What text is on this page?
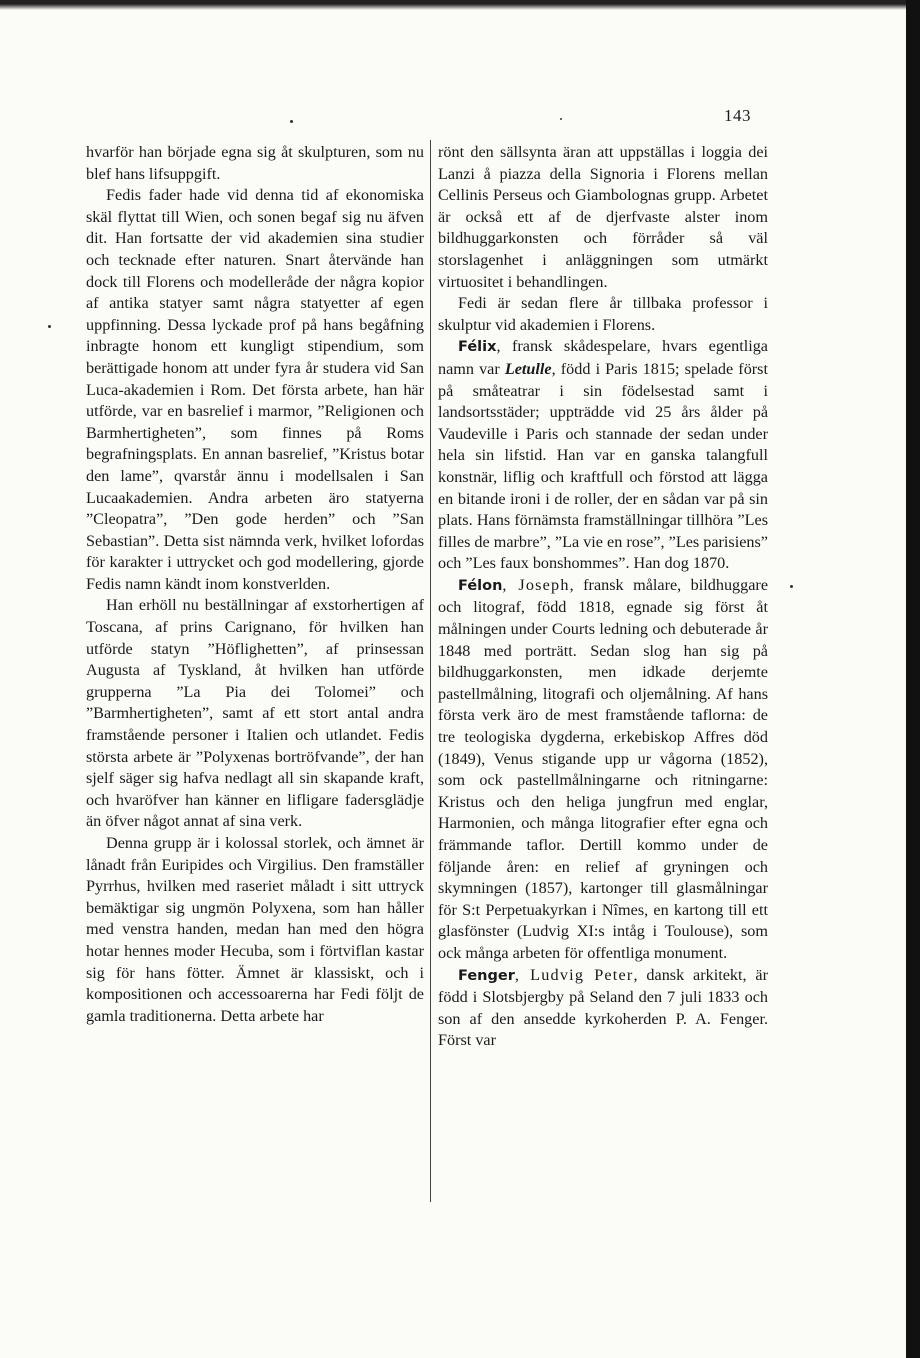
143

hvarför han började egna sig åt skulpturen, som nu blef hans lifsuppgift.

Fedis fader hade vid denna tid af ekonomiska skäl flyttat till Wien, och sonen begaf sig nu äfven dit. Han fortsatte der vid akademien sina studier och tecknade efter naturen. Snart återvände han dock till Florens och modelleråde der några kopior af antika statyer samt några statyetter af egen uppfinning. Dessa lyckade prof på hans begåfning inbragte honom ett kungligt stipendium, som berättigade honom att under fyra år studera vid San Luca-akademien i Rom. Det första arbete, han här utförde, var en basrelief i marmor, ”Religionen och Barmhertigheten”, som finnes på Roms begrafningsplats. En annan basrelief, ”Kristus botar den lame”, qvarstår ännu i modellsalen i San Lucaakademien. Andra arbeten äro statyerna ”Cleopatra”, ”Den gode herden” och ”San Sebastian”. Detta sist nämnda verk, hvilket lofordas för karakter i uttrycket och god modellering, gjorde Fedis namn kändt inom konstverlden.

Han erhöll nu beställningar af exstorhertigen af Toscana, af prins Carignano, för hvilken han utförde statyn ”Höflighetten”, af prinsessan Augusta af Tyskland, åt hvilken han utförde grupperna ”La Pia dei Tolomei” och ”Barmhertigheten”, samt af ett stort antal andra framstående personer i Italien och utlandet. Fedis största arbete är ”Polyxenas bortröfvande”, der han sjelf säger sig hafva nedlagt all sin skapande kraft, och hvaröfver han känner en lifligare fadersglädje än öfver något annat af sina verk.

Denna grupp är i kolossal storlek, och ämnet är lånadt från Euripides och Virgilius. Den framställer Pyrrhus, hvilken med raseriet måladt i sitt uttryck bemäktigar sig ungmön Polyxena, som han håller med venstra handen, medan han med den högra hotar hennes moder Hecuba, som i förtviflan kastar sig för hans fötter. Ämnet är klassiskt, och i kompositionen och accessoarerna har Fedi följt de gamla traditionerna. Detta arbete har

rönt den sällsynta äran att uppställas i loggia dei Lanzi å piazza della Signoria i Florens mellan Cellinis Perseus och Giambolognas grupp. Arbetet är också ett af de djerfvaste alster inom bildhuggarkonsten och förråder så väl storslagenhet i anläggningen som utmärkt virtuositet i behandlingen.

Fedi är sedan flere år tillbaka professor i skulptur vid akademien i Florens.

Félix, fransk skådespelare, hvars egentliga namn var Letulle, född i Paris 1815; spelade först på småteatrar i sin födelsestad samt i landsortsstäder; uppträdde vid 25 års ålder på Vaudeville i Paris och stannade der sedan under hela sin lifstid. Han var en ganska talangfull konstnär, liflig och kraftfull och förstod att lägga en bitande ironi i de roller, der en sådan var på sin plats. Hans förnämsta framställningar tillhöra ”Les filles de marbre”, ”La vie en rose”, ”Les parisiens” och ”Les faux bonshommes”. Han dog 1870.

Félon, Joseph, fransk målare, bildhuggare och litograf, född 1818, egnade sig först åt målningen under Courts ledning och debuterade år 1848 med porträtt. Sedan slog han sig på bildhuggarkonsten, men idkade derjemte pastellmålning, litografi och oljemålning. Af hans första verk äro de mest framstående taflorna: de tre teologiska dygderna, erkebiskop Affres död (1849), Venus stigande upp ur vågorna (1852), som ock pastellmålningarne och ritningarne: Kristus och den heliga jungfrun med englar, Harmonien, och många litografier efter egna och främmande taflor. Dertill kommo under de följande åren: en relief af gryningen och skymningen (1857), kartonger till glasmålningar för S:t Perpetuakyrkan i Nîmes, en kartong till ett glasfönster (Ludvig XI:s intåg i Toulouse), som ock många arbeten för offentliga monument.

Fenger, Ludvig Peter, dansk arkitekt, är född i Slotsbjergby på Seland den 7 juli 1833 och son af den ansedde kyrkoherden P. A. Fenger. Först var
